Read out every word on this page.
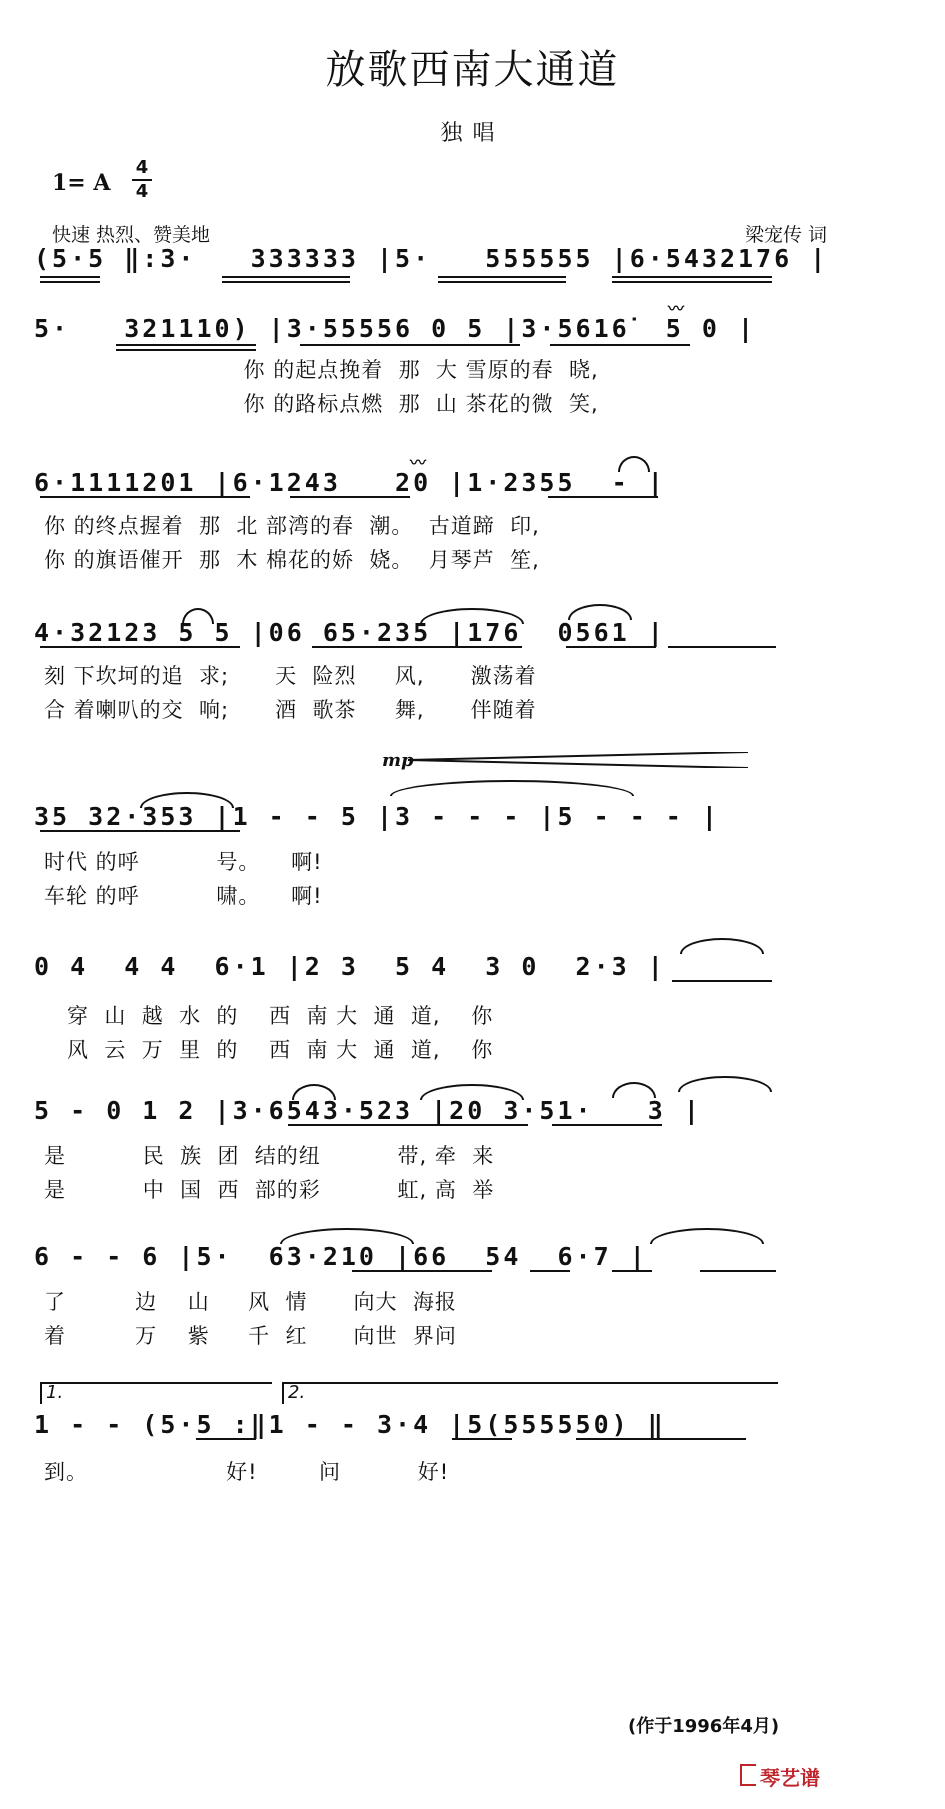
放歌西南大通道
独唱
1= A
4
4
快速 热烈、赞美地	梁宠传 词
(5·5 ‖:3·   333333 |5·   555555 |6·5432176 |
5·   321110) |3·55556 0 5 |3·5616̇  5 0 |
〰
你 的起点挽着  那  大 雪原的春  晓,
你 的路标点燃  那  山 茶花的微  笑,
6·1111201 |6·1243   20 |1·2355  - |
〰
你 的终点握着  那  北 部湾的春  潮。  古道蹄  印,
你 的旗语催开  那  木 棉花的娇  娆。  月琴芦  笙,
4·32123 5 5 |06 65·235 |176  0561 |
刻 下坎坷的追  求;      天  险烈     风,      激荡着
合 着喇叭的交  响;      酒  歌茶     舞,      伴随着
mp
35 32·353 |1 - - 5 |3 - - - |5 - - - |
时代 的呼          号。    啊!
车轮 的呼          啸。    啊!
0 4  4 4  6·1 |2 3  5 4  3 0  2·3 |
穿  山  越  水  的    西  南 大  通  道,    你
风  云  万  里  的    西  南 大  通  道,    你
5 - 0 1 2 |3·6543·523 |20 3·51·   3 |
是          民  族  团  结的纽          带, 牵  来
是          中  国  西  部的彩          虹, 高  举
6 - - 6 |5·  63·210 |66  54  6·7 |
了         边    山     风  情      向大  海报
着         万    紫     千  红      向世  界问
1.	2.
1 - - (5·5 :‖1 - - 3·4 |5(555550) ‖
到。                  好!        问          好!
(作于1996年4月)
琴艺谱
